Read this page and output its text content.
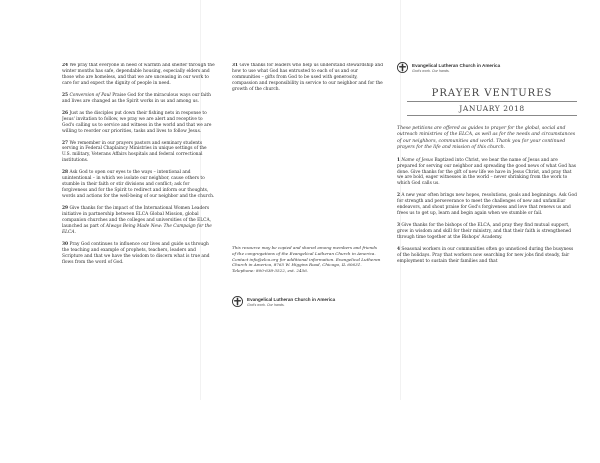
24 We pray that everyone in need of warmth and shelter through the winter months has safe, dependable housing, especially elders and those who are homeless, and that we are unceasing in our work to care for and expect the dignity of people in need.
25 Conversion of Paul Praise God for the miraculous ways our faith and lives are changed as the Spirit works in us and among us.
26 Just as the disciples put down their fishing nets in response to Jesus' invitation to follow, we pray we are alert and receptive to God's calling us to service and witness in the world and that we are willing to reorder our priorities, tasks and lives to follow Jesus.
27 We remember in our prayers pastors and seminary students serving in Federal Chaplaincy Ministries in unique settings of the U.S. military, Veterans Affairs hospitals and federal correctional institutions.
28 Ask God to open our eyes to the ways – intentional and unintentional – in which we isolate our neighbor, cause others to stumble in their faith or stir divisions and conflict; ask for forgiveness and for the Spirit to redirect and inform our thoughts, words and actions for the well-being of our neighbor and the church.
29 Give thanks for the impact of the International Women Leaders initiative in partnership between ELCA Global Mission, global companion churches and the colleges and universities of the ELCA, launched as part of Always Being Made New: The Campaign for the ELCA.
30 Pray God continues to influence our lives and guide us through the teaching and example of prophets, teachers, leaders and Scripture and that we have the wisdom to discern what is true and flows from the word of God.
31 Give thanks for leaders who help us understand stewardship and how to use what God has entrusted to each of us and our communities – gifts from God to be used with generosity, compassion and responsibility in service to our neighbor and for the growth of the church.
This resource may be copied and shared among members and friends of the congregations of the Evangelical Lutheran Church in America. Contact info@elca.org for additional information. Evangelical Lutheran Church in America, 8765 W. Higgins Road, Chicago, IL 60631. Telephone: 800-638-3522, ext. 2456.
Evangelical Lutheran Church in America
God's work. Our hands.
Evangelical Lutheran Church in America
God's work. Our hands.
PRAYER VENTURES
JANUARY 2018
These petitions are offered as guides to prayer for the global, social and outreach ministries of the ELCA, as well as for the needs and circumstances of our neighbors, communities and world. Thank you for your continued prayers for the life and mission of this church.
1 Name of Jesus Baptized into Christ, we bear the name of Jesus and are prepared for serving our neighbor and spreading the good news of what God has done. Give thanks for the gift of new life we have in Jesus Christ, and pray that we are bold, eager witnesses in the world – never shrinking from the work to which God calls us.
2 A new year often brings new hopes, resolutions, goals and beginnings. Ask God for strength and perseverance to meet the challenges of new and unfamiliar endeavors, and shout praise for God's forgiveness and love that renews us and frees us to get up, learn and begin again when we stumble or fail.
3 Give thanks for the bishops of the ELCA, and pray they find mutual support, grow in wisdom and skill for their ministry, and that their faith is strengthened through time together at the Bishops' Academy.
4 Seasonal workers in our communities often go unnoticed during the busyness of the holidays. Pray that workers now searching for new jobs find steady, fair employment to sustain their families and that
